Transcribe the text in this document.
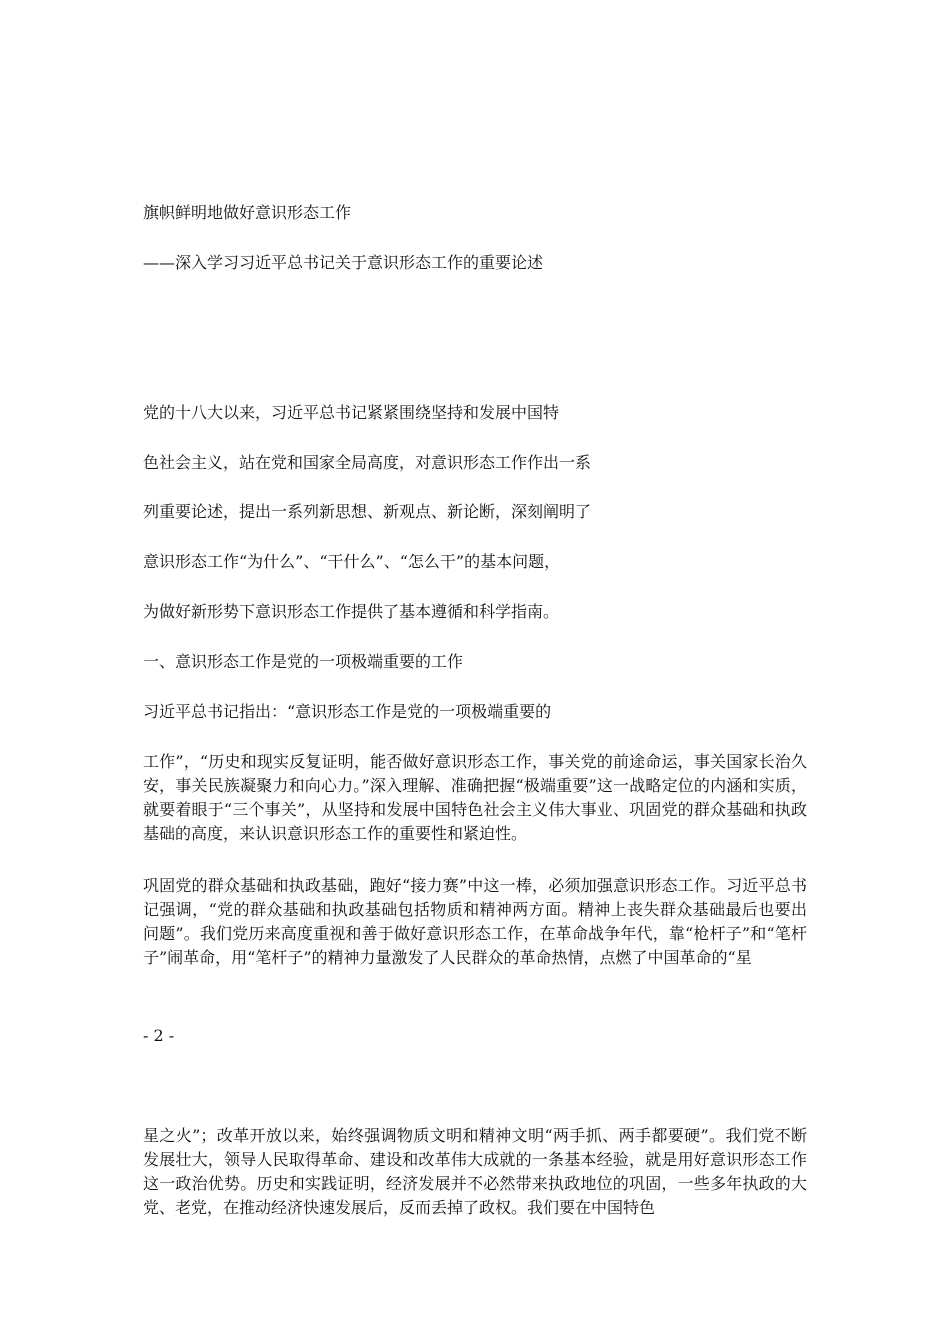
旗帜鲜明地做好意识形态工作

——深入学习习近平总书记关于意识形态工作的重要论述

党的十八大以来，习近平总书记紧紧围绕坚持和发展中国特

色社会主义，站在党和国家全局高度，对意识形态工作作出一系

列重要论述，提出一系列新思想、新观点、新论断，深刻阐明了

意识形态工作“为什么”、“干什么”、“怎么干”的基本问题，

为做好新形势下意识形态工作提供了基本遵循和科学指南。

一、意识形态工作是党的一项极端重要的工作

习近平总书记指出：“意识形态工作是党的一项极端重要的

工作”，“历史和现实反复证明，能否做好意识形态工作，事关党的前途命运，事关国家长治久安，事关民族凝聚力和向心力。”深入理解、准确把握“极端重要”这一战略定位的内涵和实质，就要着眼于“三个事关”，从坚持和发展中国特色社会主义伟大事业、巩固党的群众基础和执政基础的高度，来认识意识形态工作的重要性和紧迫性。

巩固党的群众基础和执政基础，跑好“接力赛”中这一棒，必须加强意识形态工作。习近平总书记强调，“党的群众基础和执政基础包括物质和精神两方面。精神上丧失群众基础最后也要出问题”。我们党历来高度重视和善于做好意识形态工作，在革命战争年代，靠“枪杆子”和“笔杆子”闹革命，用“笔杆子”的精神力量激发了人民群众的革命热情，点燃了中国革命的“星

- 2 -

星之火”；改革开放以来，始终强调物质文明和精神文明“两手抓、两手都要硬”。我们党不断发展壮大，领导人民取得革命、建设和改革伟大成就的一条基本经验，就是用好意识形态工作这一政治优势。历史和实践证明，经济发展并不必然带来执政地位的巩固，一些多年执政的大党、老党，在推动经济快速发展后，反而丢掉了政权。我们要在中国特色
